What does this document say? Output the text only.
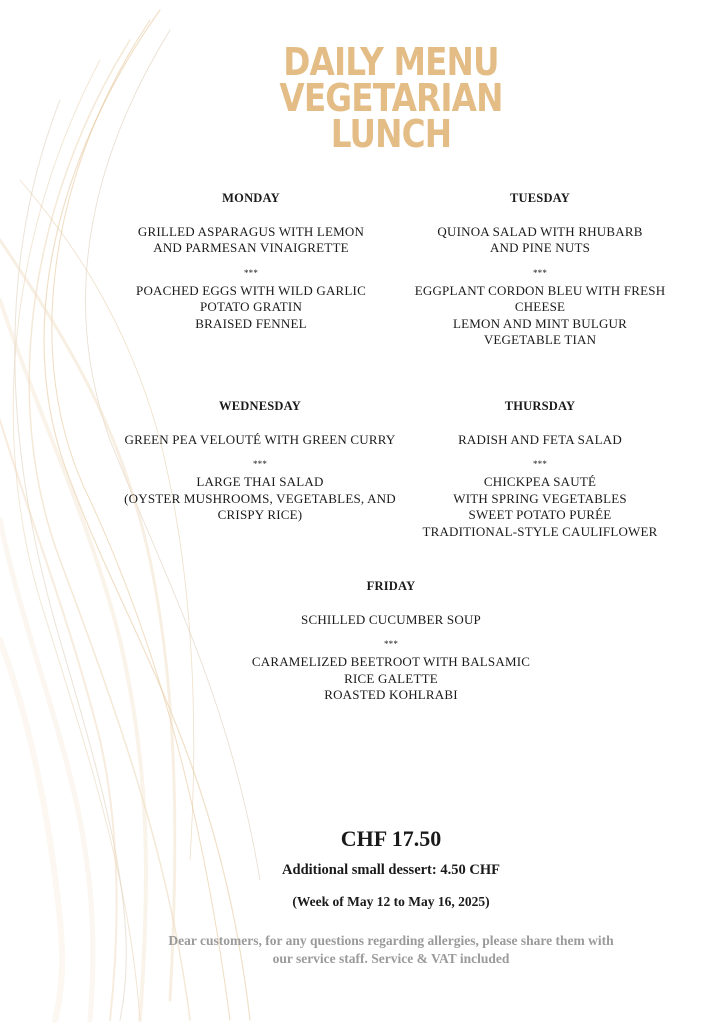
DAILY MENU
VEGETARIAN
LUNCH
MONDAY
GRILLED ASPARAGUS WITH LEMON
AND PARMESAN VINAIGRETTE
***
POACHED EGGS WITH WILD GARLIC
POTATO GRATIN
BRAISED FENNEL
TUESDAY
QUINOA SALAD WITH RHUBARB
AND PINE NUTS
***
EGGPLANT CORDON BLEU WITH FRESH
CHEESE
LEMON AND MINT BULGUR
VEGETABLE TIAN
WEDNESDAY
GREEN PEA VELOUTÉ WITH GREEN CURRY
***
LARGE THAI SALAD
(OYSTER MUSHROOMS, VEGETABLES, AND
CRISPY RICE)
THURSDAY
RADISH AND FETA SALAD
***
CHICKPEA SAUTÉ
WITH SPRING VEGETABLES
SWEET POTATO PURÉE
TRADITIONAL-STYLE CAULIFLOWER
FRIDAY
SCHILLED CUCUMBER SOUP
***
CARAMELIZED BEETROOT WITH BALSAMIC
RICE GALETTE
ROASTED KOHLRABI
CHF 17.50
Additional small dessert: 4.50 CHF
(Week of May 12 to May 16, 2025)
Dear customers, for any questions regarding allergies, please share them with
our service staff. Service & VAT included
